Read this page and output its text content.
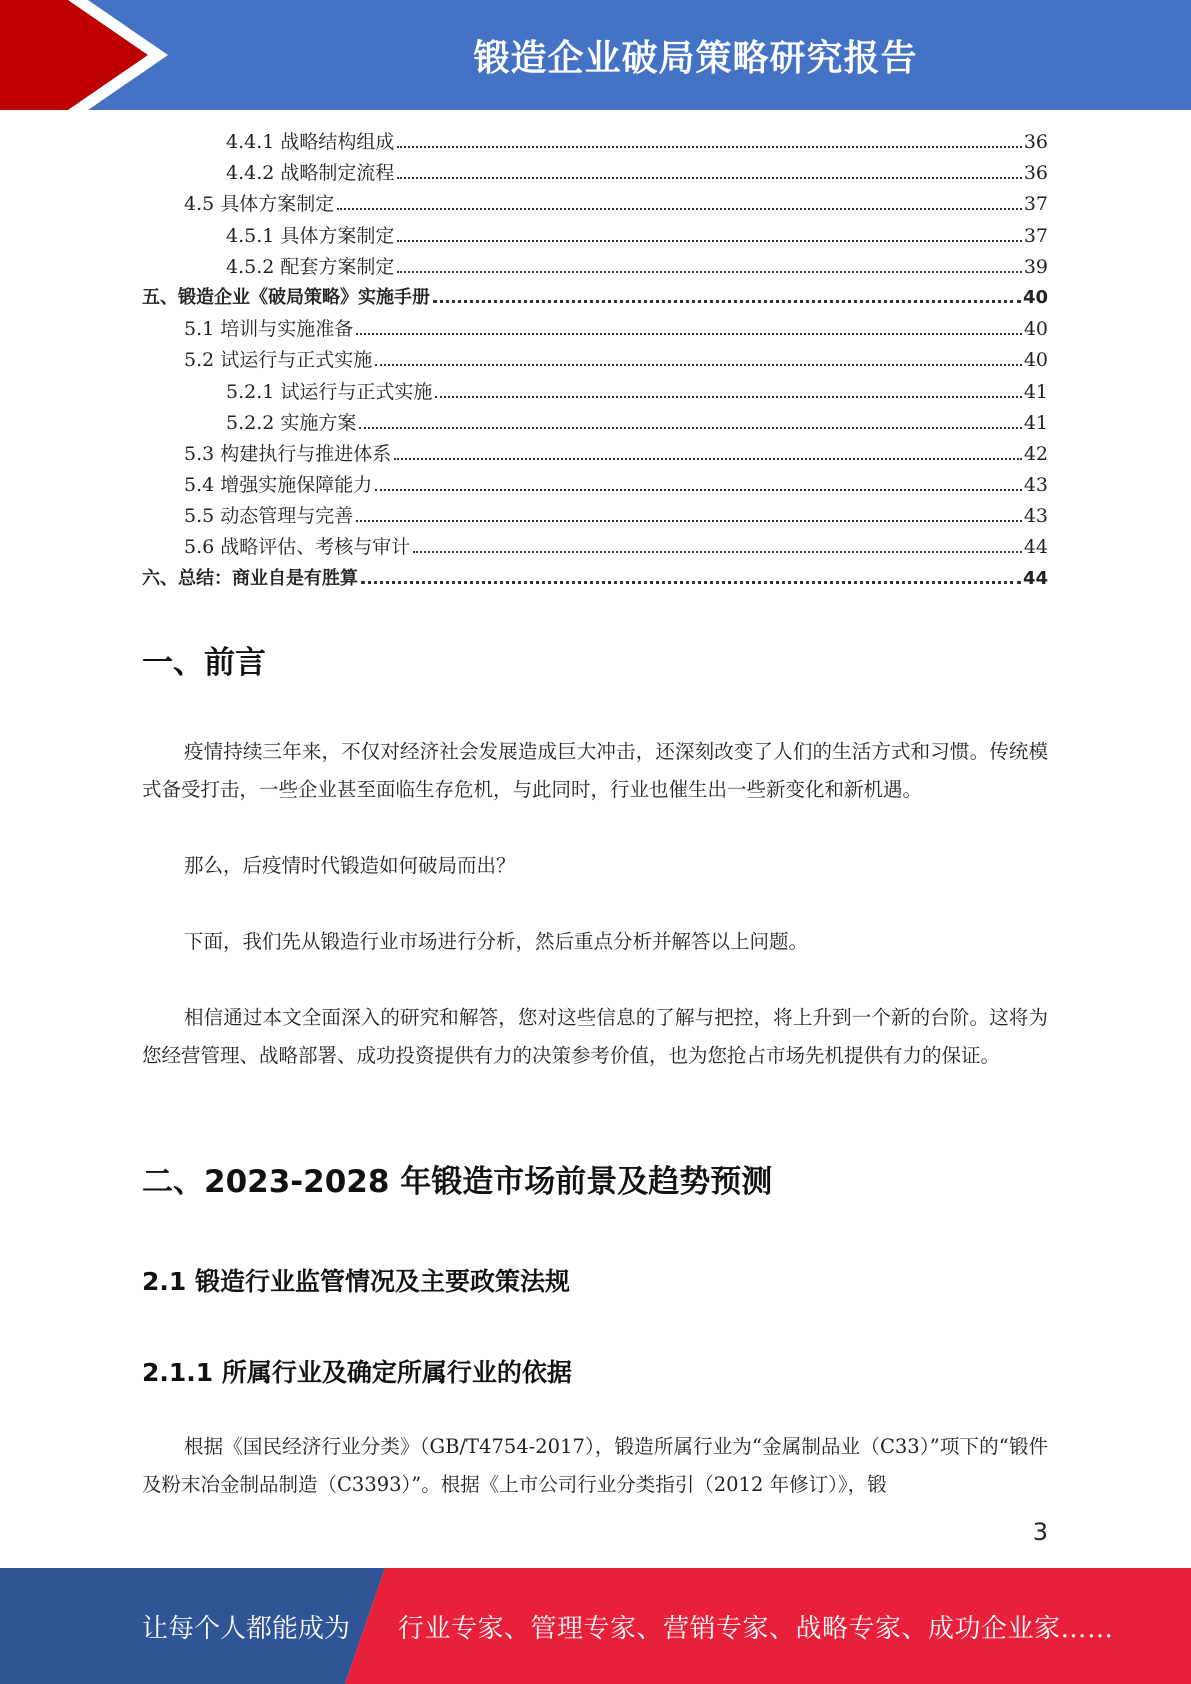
锻造企业破局策略研究报告
4.4.1 战略结构组成	36
4.4.2 战略制定流程	36
4.5 具体方案制定	37
4.5.1 具体方案制定	37
4.5.2 配套方案制定	39
五、锻造企业《破局策略》实施手册	40
5.1 培训与实施准备	40
5.2 试运行与正式实施	40
5.2.1 试运行与正式实施	41
5.2.2 实施方案	41
5.3 构建执行与推进体系	42
5.4 增强实施保障能力	43
5.5 动态管理与完善	43
5.6 战略评估、考核与审计	44
六、总结：商业自是有胜算	44
一、前言

疫情持续三年来，不仅对经济社会发展造成巨大冲击，还深刻改变了人们的生活方式和习惯。传统模式备受打击，一些企业甚至面临生存危机，与此同时，行业也催生出一些新变化和新机遇。

那么，后疫情时代锻造如何破局而出？

下面，我们先从锻造行业市场进行分析，然后重点分析并解答以上问题。

相信通过本文全面深入的研究和解答，您对这些信息的了解与把控，将上升到一个新的台阶。这将为您经营管理、战略部署、成功投资提供有力的决策参考价值，也为您抢占市场先机提供有力的保证。

二、2023-2028 年锻造市场前景及趋势预测
2.1 锻造行业监管情况及主要政策法规
2.1.1 所属行业及确定所属行业的依据

根据《国民经济行业分类》（GB/T4754-2017），锻造所属行业为“金属制品业（C33）”项下的“锻件及粉末冶金制品制造（C3393）”。根据《上市公司行业分类指引（2012 年修订）》，锻

3
让每个人都能成为 行业专家、管理专家、营销专家、战略专家、成功企业家……
